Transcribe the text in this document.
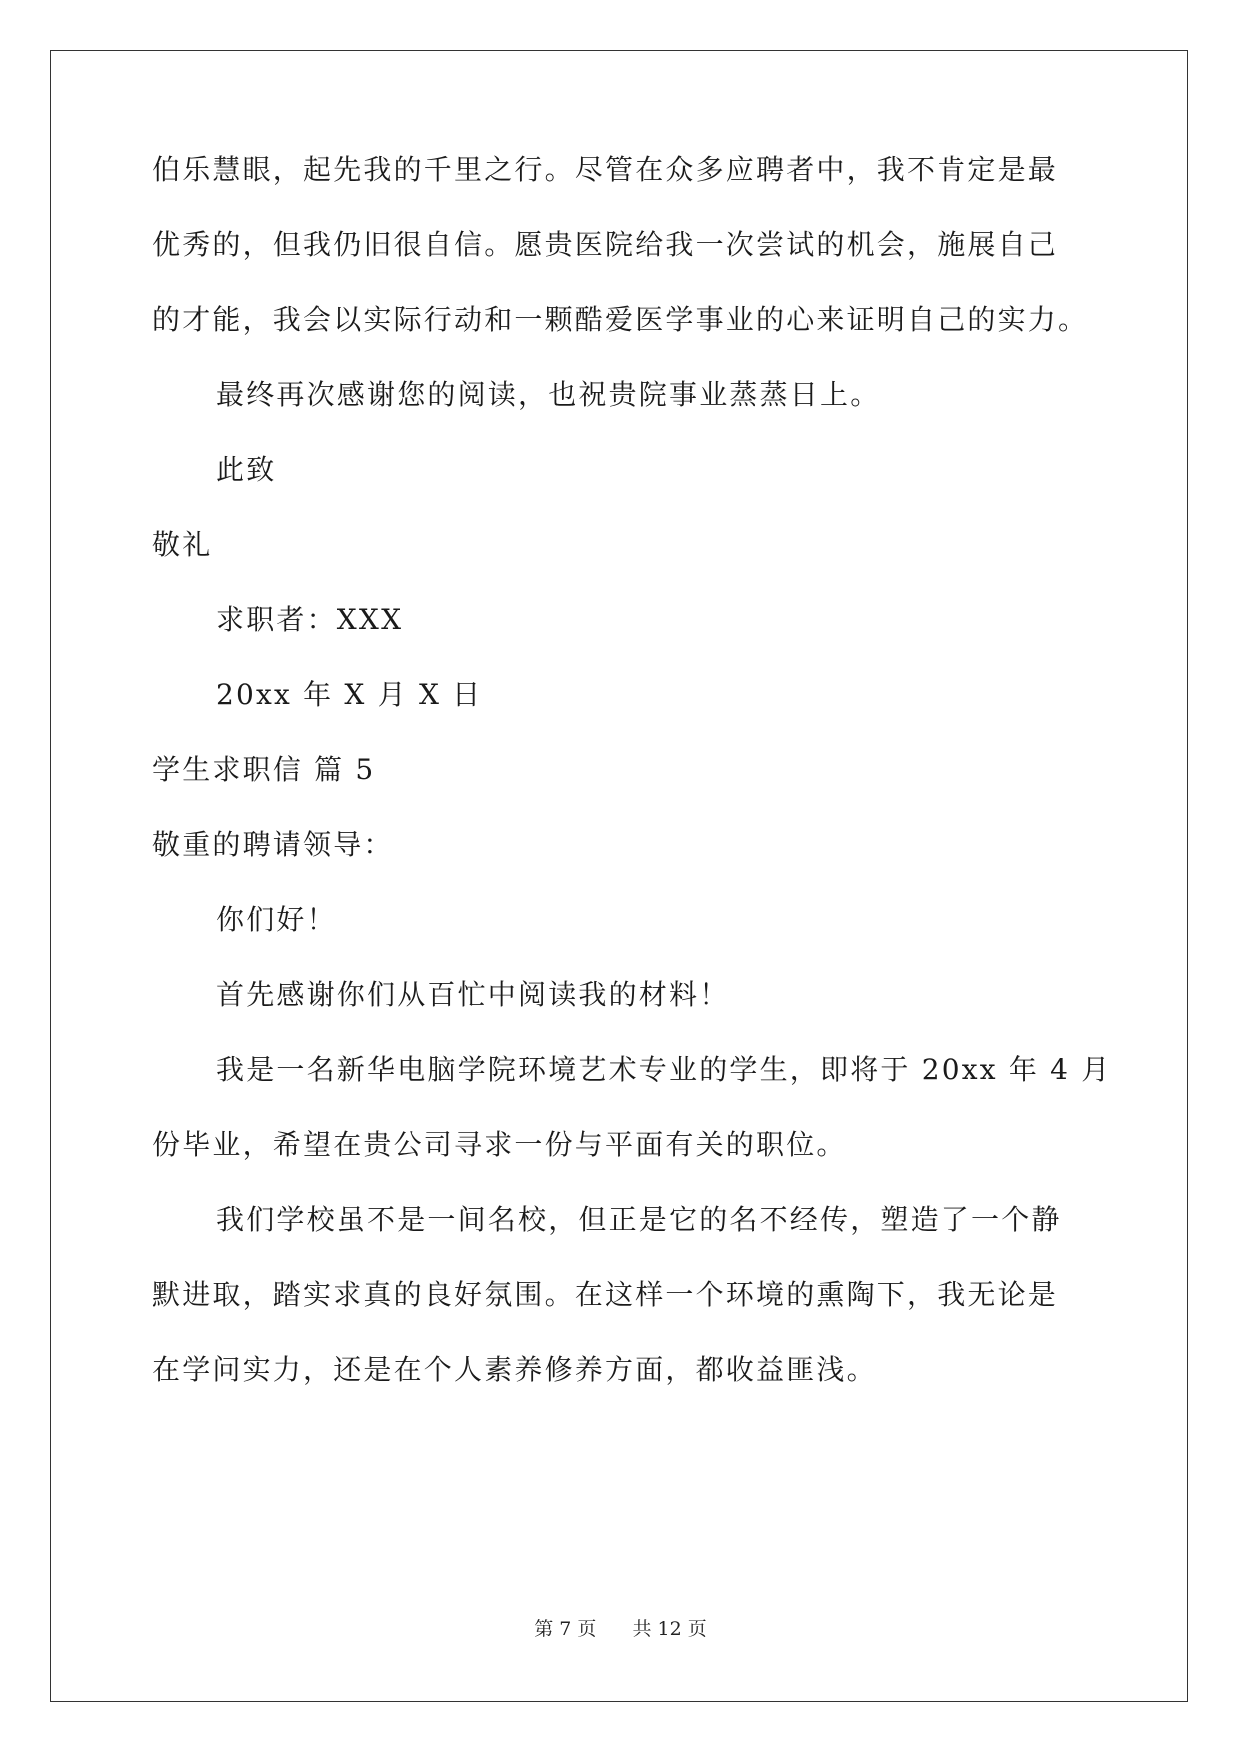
伯乐慧眼，起先我的千里之行。尽管在众多应聘者中，我不肯定是最
优秀的，但我仍旧很自信。愿贵医院给我一次尝试的机会，施展自己
的才能，我会以实际行动和一颗酷爱医学事业的心来证明自己的实力。
最终再次感谢您的阅读，也祝贵院事业蒸蒸日上。
此致
敬礼
求职者：XXX
20xx 年 X 月 X 日
学生求职信 篇 5
敬重的聘请领导：
你们好！
首先感谢你们从百忙中阅读我的材料！
我是一名新华电脑学院环境艺术专业的学生，即将于 20xx 年 4 月
份毕业，希望在贵公司寻求一份与平面有关的职位。
我们学校虽不是一间名校，但正是它的名不经传，塑造了一个静
默进取，踏实求真的良好氛围。在这样一个环境的熏陶下，我无论是
在学问实力，还是在个人素养修养方面，都收益匪浅。
第 7 页 共 12 页
